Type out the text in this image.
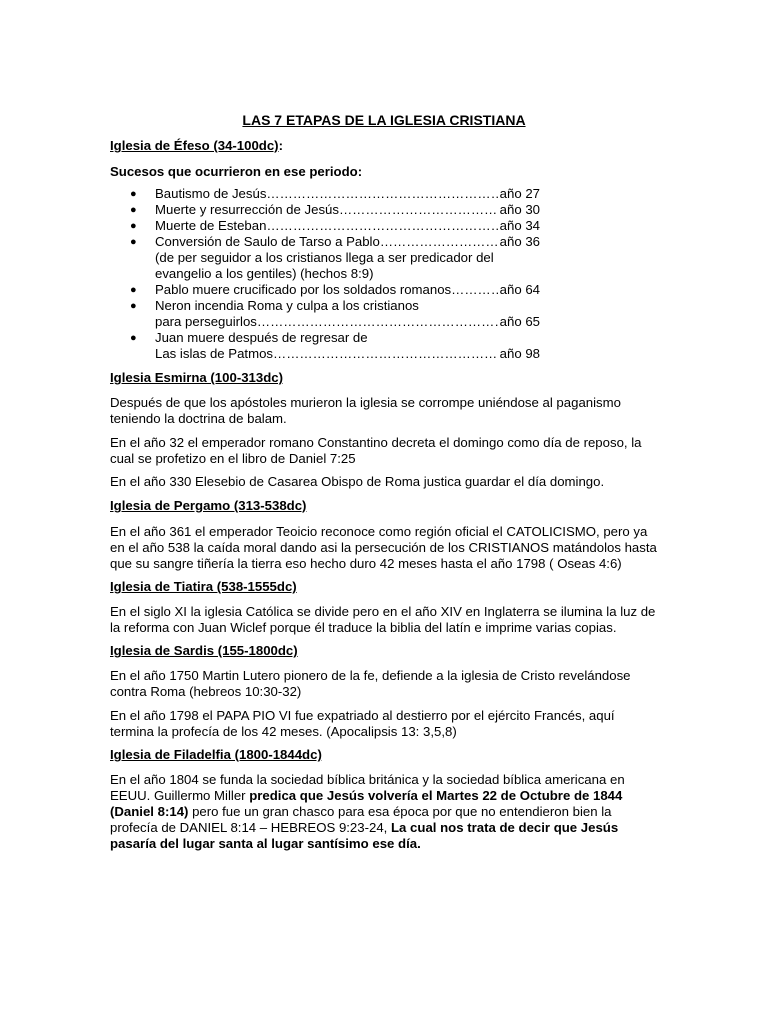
LAS 7 ETAPAS DE LA IGLESIA CRISTIANA
Iglesia de Éfeso (34-100dc):
Sucesos que ocurrieron en ese periodo:
● Bautismo de Jesús …………………………………………………………………………………………………………………	año 27
● Muerte y resurrección de Jesús… …………………………………………………………………………………………………………………	año 30
● Muerte de Esteban …………………………………………………………………………………………………………………	año 34
● Conversión de Saulo de Tarso a Pablo …………………………………………………………………………………………………………………	año 36
(de per seguidor a los cristianos llega a ser predicador del
evangelio a los gentiles) (hechos 8:9)
● Pablo muere crucificado por los soldados romanos …………………………………………………………………………………………………………………	año 64
● Neron incendia Roma y culpa a los cristianos
para perseguirlos …………………………………………………………………………………………………………………	año 65
● Juan muere después de regresar de
Las islas de Patmos …………………………………………………………………………………………………………………	año 98
Iglesia Esmirna (100-313dc)
Después de que los apóstoles murieron la iglesia se corrompe uniéndose al paganismo teniendo la doctrina de balam.
En el año 32 el emperador romano Constantino decreta el domingo como día de reposo, la cual se profetizo en el libro de Daniel 7:25
En el año 330 Elesebio de Casarea Obispo de Roma justica guardar el día domingo.
Iglesia de Pergamo (313-538dc)
En el año 361 el emperador Teoicio reconoce como región oficial el CATOLICISMO, pero ya en el año 538 la caída moral dando asi la persecución de los CRISTIANOS matándolos hasta que su sangre tiñería la tierra eso hecho duro 42 meses hasta el año 1798 ( Oseas 4:6)
Iglesia de Tiatira (538-1555dc)
En el siglo XI la iglesia Católica se divide pero en el año XIV en Inglaterra se ilumina la luz de la reforma con Juan Wiclef porque él traduce la biblia del latín e imprime varias copias.
Iglesia de Sardis (155-1800dc)
En el año 1750 Martin Lutero pionero de la fe, defiende a la iglesia de Cristo revelándose contra Roma (hebreos 10:30-32)
En el año 1798 el PAPA PIO VI fue expatriado al destierro por el ejército Francés, aquí termina la profecía de los 42 meses. (Apocalipsis 13: 3,5,8)
Iglesia de Filadelfia (1800-1844dc)
En el año 1804 se funda la sociedad bíblica británica y la sociedad bíblica americana en EEUU. Guillermo Miller predica que Jesús volvería el Martes 22 de Octubre de 1844 (Daniel 8:14) pero fue un gran chasco para esa época por que no entendieron bien la profecía de DANIEL 8:14 – HEBREOS 9:23-24, La cual nos trata de decir que Jesús pasaría del lugar santa al lugar santísimo ese día.
